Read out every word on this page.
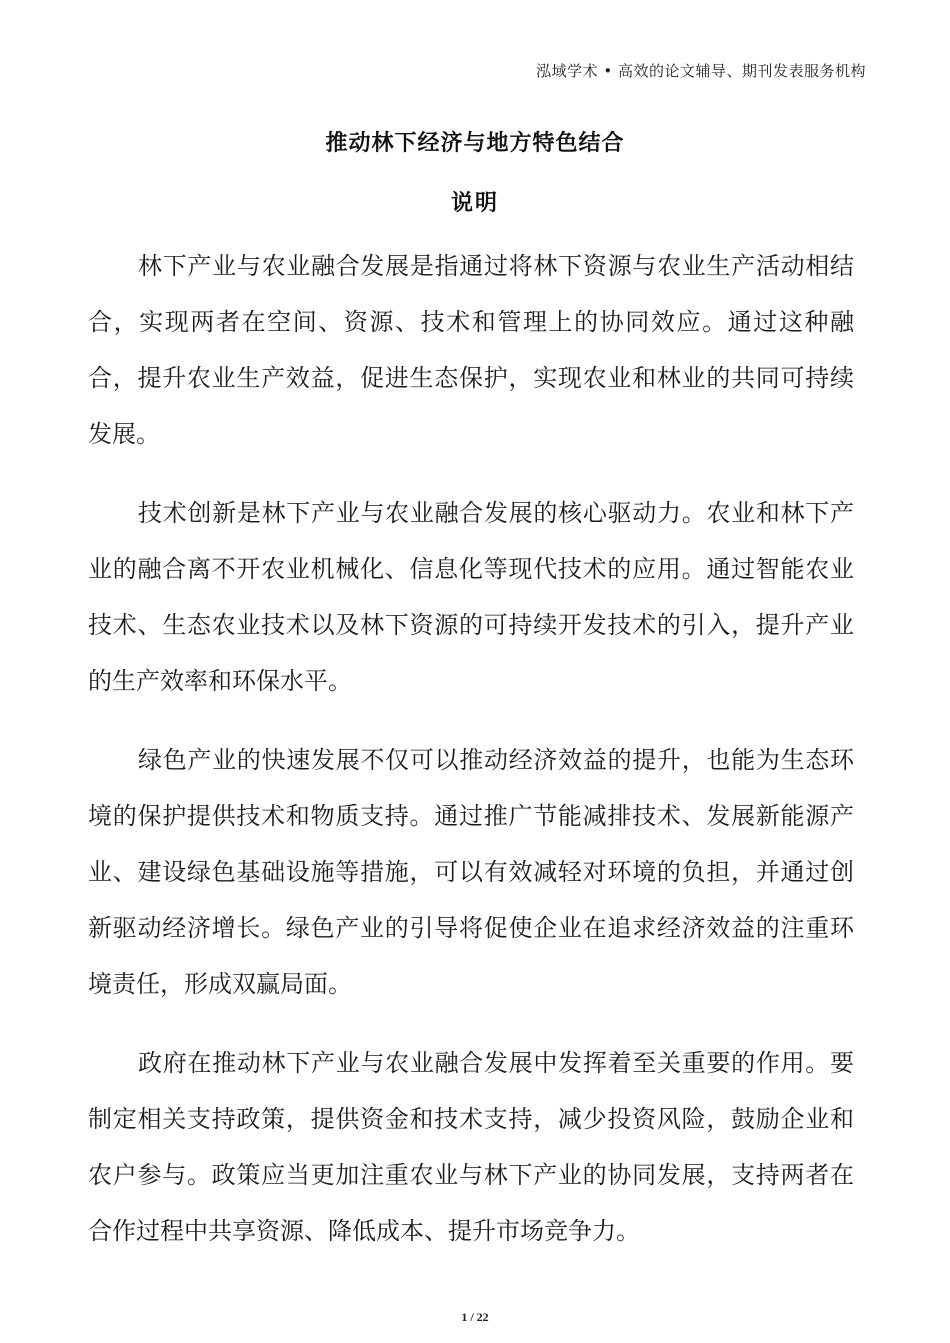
泓域学术 • 高效的论文辅导、期刊发表服务机构
推动林下经济与地方特色结合
说明

林下产业与农业融合发展是指通过将林下资源与农业生产活动相结合，实现两者在空间、资源、技术和管理上的协同效应。通过这种融合，提升农业生产效益，促进生态保护，实现农业和林业的共同可持续发展。

技术创新是林下产业与农业融合发展的核心驱动力。农业和林下产业的融合离不开农业机械化、信息化等现代技术的应用。通过智能农业技术、生态农业技术以及林下资源的可持续开发技术的引入，提升产业的生产效率和环保水平。

绿色产业的快速发展不仅可以推动经济效益的提升，也能为生态环境的保护提供技术和物质支持。通过推广节能减排技术、发展新能源产业、建设绿色基础设施等措施，可以有效减轻对环境的负担，并通过创新驱动经济增长。绿色产业的引导将促使企业在追求经济效益的注重环境责任，形成双赢局面。

政府在推动林下产业与农业融合发展中发挥着至关重要的作用。要制定相关支持政策，提供资金和技术支持，减少投资风险，鼓励企业和农户参与。政策应当更加注重农业与林下产业的协同发展，支持两者在合作过程中共享资源、降低成本、提升市场竞争力。

1 / 22
